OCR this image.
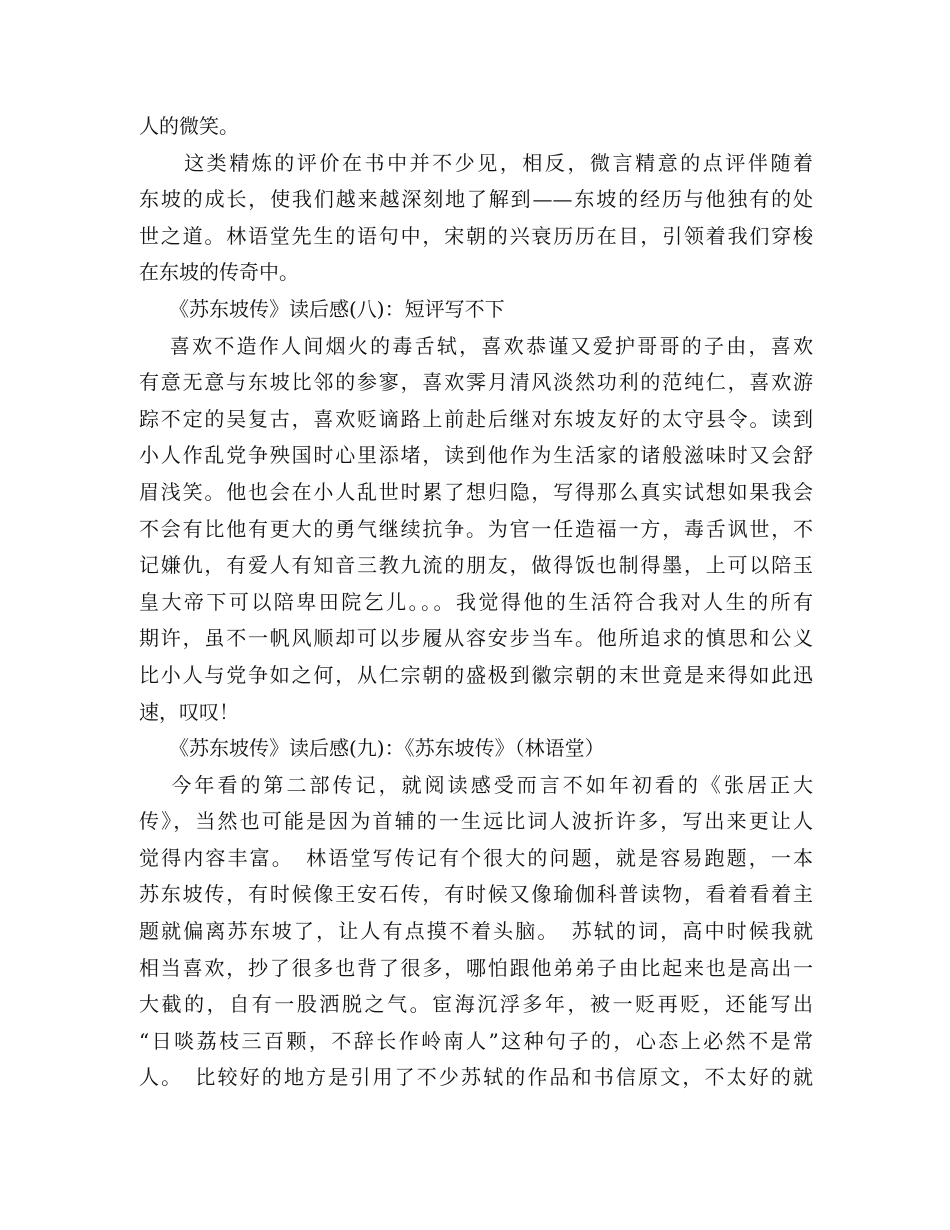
人的微笑。
　　这类精炼的评价在书中并不少见，相反，微言精意的点评伴随着
东坡的成长，使我们越来越深刻地了解到——东坡的经历与他独有的处
世之道。林语堂先生的语句中，宋朝的兴衰历历在目，引领着我们穿梭
在东坡的传奇中。
《苏东坡传》读后感(八)：短评写不下
　 喜欢不造作人间烟火的毒舌轼，喜欢恭谨又爱护哥哥的子由，喜欢
有意无意与东坡比邻的参寥，喜欢霁月清风淡然功利的范纯仁，喜欢游
踪不定的吴复古，喜欢贬谪路上前赴后继对东坡友好的太守县令。读到
小人作乱党争殃国时心里添堵，读到他作为生活家的诸般滋味时又会舒
眉浅笑。他也会在小人乱世时累了想归隐，写得那么真实试想如果我会
不会有比他有更大的勇气继续抗争。为官一任造福一方，毒舌讽世，不
记嫌仇，有爱人有知音三教九流的朋友，做得饭也制得墨，上可以陪玉
皇大帝下可以陪卑田院乞儿。。。我觉得他的生活符合我对人生的所有
期许，虽不一帆风顺却可以步履从容安步当车。他所追求的慎思和公义
比小人与党争如之何，从仁宗朝的盛极到徽宗朝的末世竟是来得如此迅
速，叹叹！
《苏东坡传》读后感(九)：《苏东坡传》（林语堂）
　 今年看的第二部传记，就阅读感受而言不如年初看的《张居正大
传》，当然也可能是因为首辅的一生远比词人波折许多，写出来更让人
觉得内容丰富。　林语堂写传记有个很大的问题，就是容易跑题，一本
苏东坡传，有时候像王安石传，有时候又像瑜伽科普读物，看着看着主
题就偏离苏东坡了，让人有点摸不着头脑。　苏轼的词，高中时候我就
相当喜欢，抄了很多也背了很多，哪怕跟他弟弟子由比起来也是高出一
大截的，自有一股洒脱之气。宦海沉浮多年，被一贬再贬，还能写出
“日啖荔枝三百颗，不辞长作岭南人”这种句子的，心态上必然不是常
人。　比较好的地方是引用了不少苏轼的作品和书信原文，不太好的就
